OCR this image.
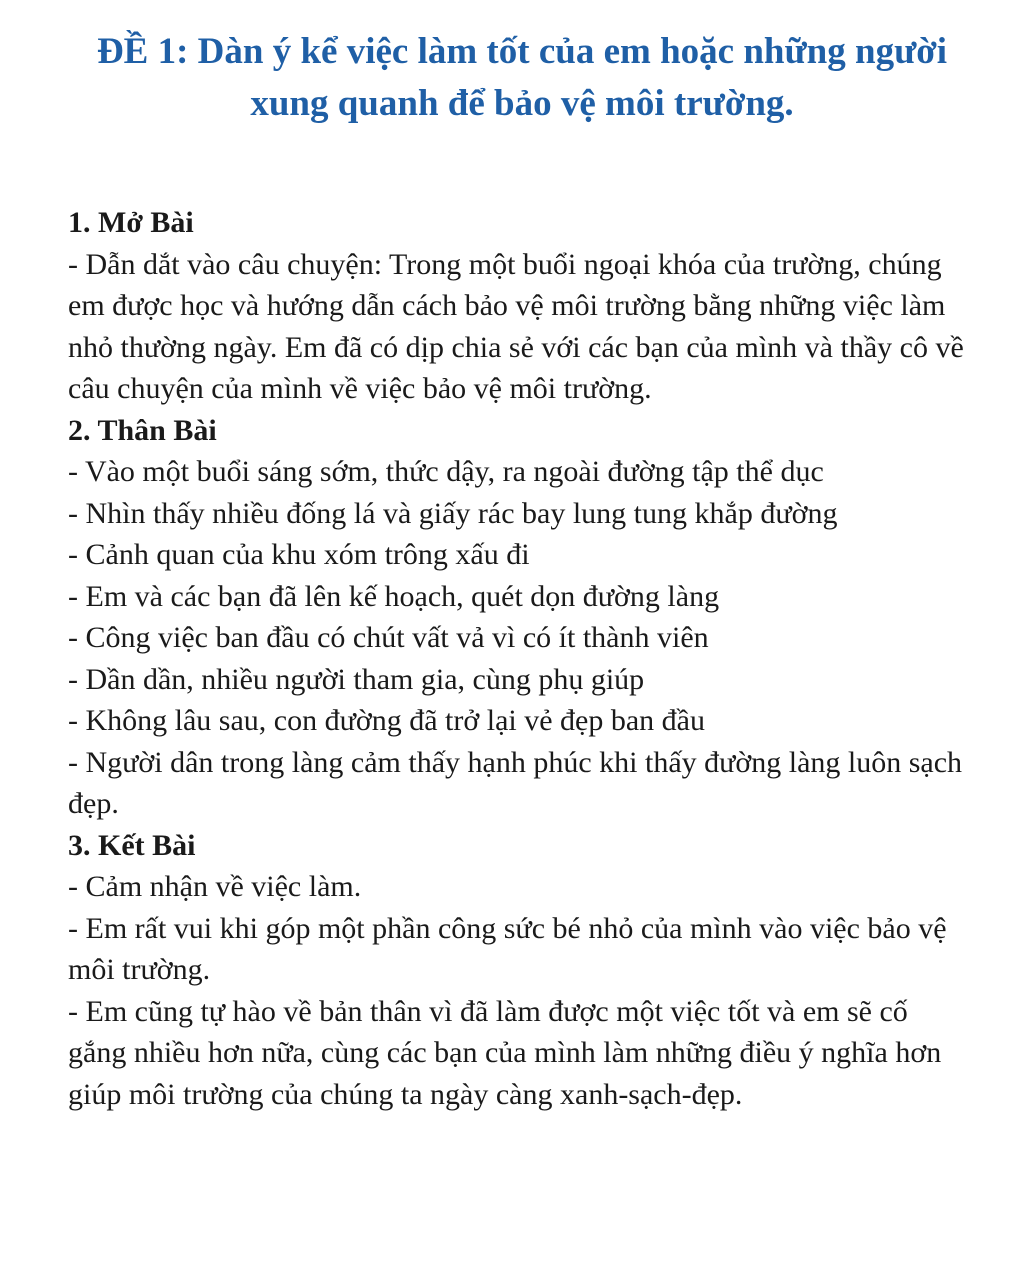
ĐỀ 1: Dàn ý kể việc làm tốt của em hoặc những người xung quanh để bảo vệ môi trường.

1. Mở Bài

- Dẫn dắt vào câu chuyện: Trong một buổi ngoại khóa của trường, chúng em được học và hướng dẫn cách bảo vệ môi trường bằng những việc làm nhỏ thường ngày. Em đã có dịp chia sẻ với các bạn của mình và thầy cô về câu chuyện của mình về việc bảo vệ môi trường.

2. Thân Bài

- Vào một buổi sáng sớm, thức dậy, ra ngoài đường tập thể dục

- Nhìn thấy nhiều đống lá và giấy rác bay lung tung khắp đường

- Cảnh quan của khu xóm trông xấu đi

- Em và các bạn đã lên kế hoạch, quét dọn đường làng

- Công việc ban đầu có chút vất vả vì có ít thành viên

- Dần dần, nhiều người tham gia, cùng phụ giúp

- Không lâu sau, con đường đã trở lại vẻ đẹp ban đầu

- Người dân trong làng cảm thấy hạnh phúc khi thấy đường làng luôn sạch đẹp.

3. Kết Bài

- Cảm nhận về việc làm.

- Em rất vui khi góp một phần công sức bé nhỏ của mình vào việc bảo vệ môi trường.

- Em cũng tự hào về bản thân vì đã làm được một việc tốt và em sẽ cố gắng nhiều hơn nữa, cùng các bạn của mình làm những điều ý nghĩa hơn giúp môi trường của chúng ta ngày càng xanh-sạch-đẹp.
